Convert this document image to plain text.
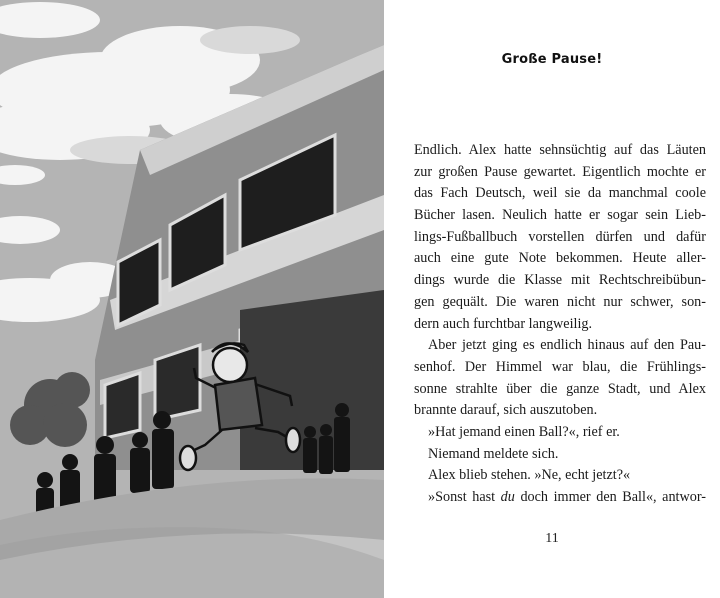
Große Pause!
Endlich. Alex hatte sehnsüchtig auf das Läuten
zur großen Pause gewartet. Eigentlich mochte er
das Fach Deutsch, weil sie da manchmal coole
Bücher lasen. Neulich hatte er sogar sein Lieb-
lings-Fußballbuch vorstellen dürfen und dafür
auch eine gute Note bekommen. Heute aller-
dings wurde die Klasse mit Rechtschreibübun-
gen gequält. Die waren nicht nur schwer, son-
dern auch furchtbar langweilig.
Aber jetzt ging es endlich hinaus auf den Pau-
senhof. Der Himmel war blau, die Frühlings-
sonne strahlte über die ganze Stadt, und Alex
brannte darauf, sich auszutoben.
»Hat jemand einen Ball?«, rief er.
Niemand meldete sich.
Alex blieb stehen. »Ne, echt jetzt?«
»Sonst hast du doch immer den Ball«, antwor-
11
